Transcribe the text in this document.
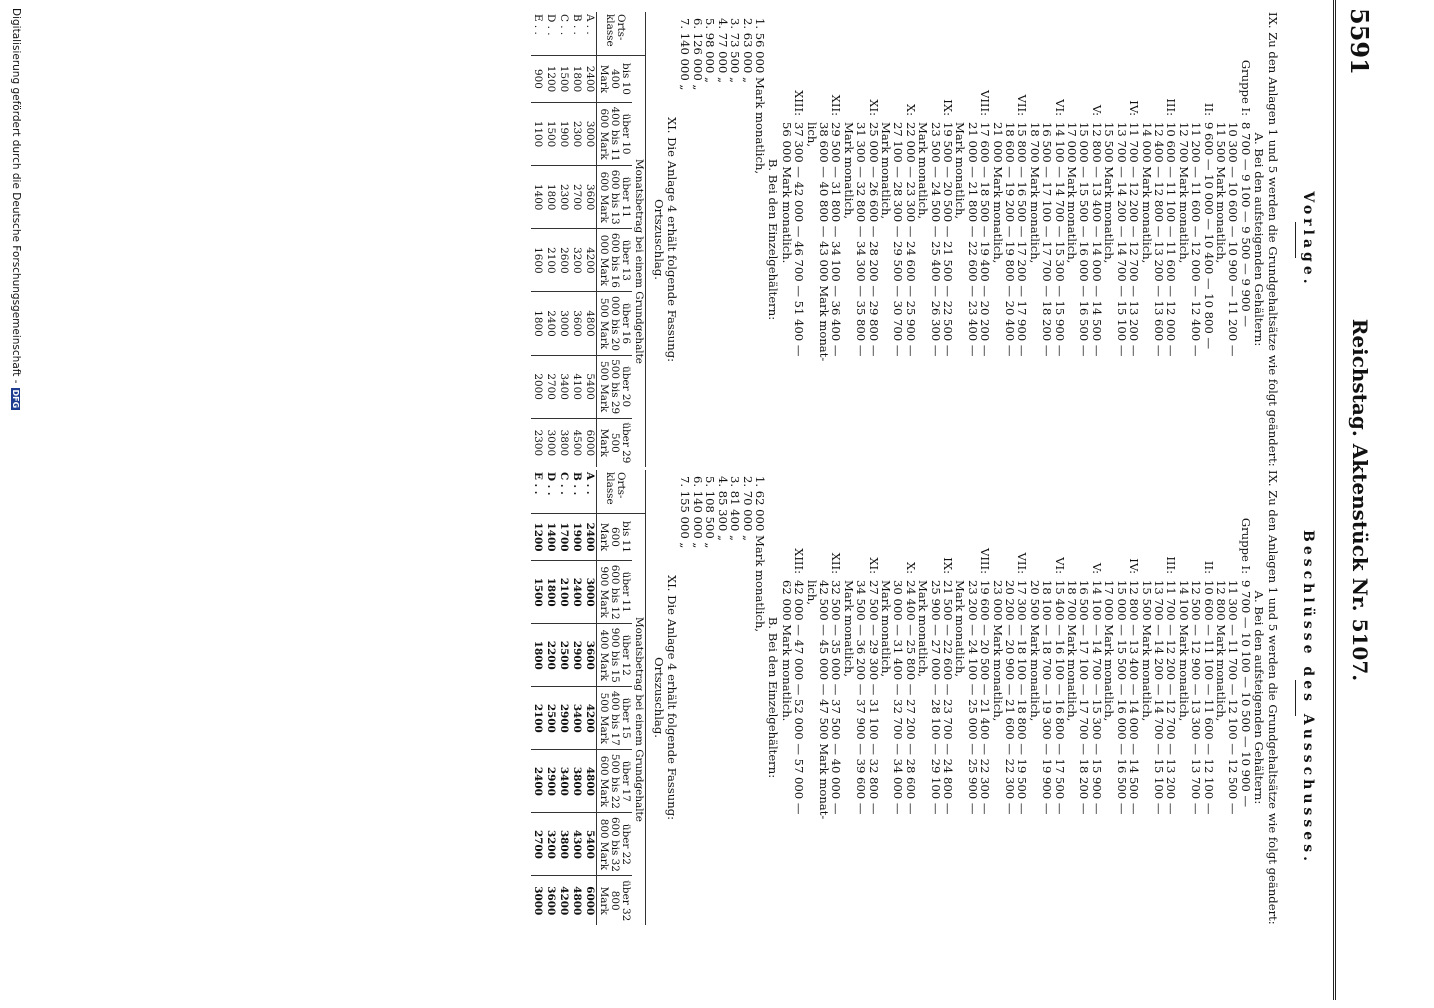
5591
Reichstag. Aktenstück Nr. 5107.
Beschlüsse des Ausschusses.
IX. Zu den Anlagen 1 und 5 werden die Grundgehaltsätze wie folgt geändert:
A. Bei den aufsteigenden Gehältern:
Gruppe I:
9 700 — 10 100 — 10 500 — 10 900 —
11 300 — 11 700 — 12 100 — 12 500 —
12 800 Mark monatlich,
II:
10 600 — 11 100 — 11 600 — 12 100 —
12 500 — 12 900 — 13 300 — 13 700 —
14 100 Mark monatlich,
III:
11 700 — 12 200 — 12 700 — 13 200 —
13 700 — 14 200 — 14 700 — 15 100 —
15 500 Mark monatlich,
IV:
12 800 — 13 400 — 14 000 — 14 500 —
15 000 — 15 500 — 16 000 — 16 500 —
17 000 Mark monatlich,
V:
14 100 — 14 700 — 15 300 — 15 900 —
16 500 — 17 100 — 17 700 — 18 200 —
18 700 Mark monatlich,
VI:
15 400 — 16 100 — 16 800 — 17 500 —
18 100 — 18 700 — 19 300 — 19 900 —
20 500 Mark monatlich,
VII:
17 300 — 18 100 — 18 800 — 19 500 —
20 200 — 20 900 — 21 600 — 22 300 —
23 000 Mark monatlich,
VIII:
19 600 — 20 500 — 21 400 — 22 300 —
23 200 — 24 100 — 25 000 — 25 900 —
Mark monatlich,
IX:
21 500 — 22 600 — 23 700 — 24 800 —
25 900 — 27 000 — 28 100 — 29 100 —
Mark monatlich,
X:
24 400 — 25 800 — 27 200 — 28 600 —
30 000 — 31 400 — 32 700 — 34 000 —
Mark monatlich,
XI:
27 500 — 29 300 — 31 100 — 32 800 —
34 500 — 36 200 — 37 900 — 39 600 —
Mark monatlich,
XII:
32 500 — 35 000 — 37 500 — 40 000 —
42 500 — 45 000 — 47 500 Mark monat-
lich,
XIII:
42 000 — 47 000 — 52 000 — 57 000 —
62 000 Mark monatlich.
B. Bei den Einzelgehältern:
1. 62 000 Mark monatlich,
2. 70 000 „
3. 81 400 „
4. 85 300 „
5. 108 500 „
6. 140 000 „
7. 155 000 „
XI. Die Anlage 4 erhält folgende Fassung:
Ortszuschlag.
	Monatsbetrag bei einem Grundgehalte						
Orts-klasse	bis 11 600 Mark	über 11 600 bis 12 900 Mark	über 12 900 bis 15 400 Mark	über 15 400 bis 17 500 Mark	über 17 500 bis 22 600 Mark	über 22 600 bis 32 800 Mark	über 32 800 Mark
A . .	2400	3000	3600	4200	4800	5400	6000
B . .	1900	2400	2900	3400	3800	4300	4800
C . .	1700	2100	2500	2900	3400	3800	4200
D . .	1400	1800	2200	2500	2900	3200	3600
E . .	1200	1500	1800	2100	2400	2700	3000
Vorlage.
IX. Zu den Anlagen 1 und 5 werden die Grundgehaltsätze wie folgt geändert:
A. Bei den aufsteigenden Gehältern:
Gruppe I:
8 700 — 9 100 — 9 500 — 9 900 —
10 300 — 10 600 — 10 900 — 11 200 —
11 500 Mark monatlich,
II:
9 600 — 10 000 — 10 400 — 10 800 —
11 200 — 11 600 — 12 000 — 12 400 —
12 700 Mark monatlich,
III:
10 600 — 11 100 — 11 600 — 12 000 —
12 400 — 12 800 — 13 200 — 13 600 —
14 000 Mark monatlich,
IV:
11 700 — 12 200 — 12 700 — 13 200 —
13 700 — 14 200 — 14 700 — 15 100 —
15 500 Mark monatlich,
V:
12 800 — 13 400 — 14 000 — 14 500 —
15 000 — 15 500 — 16 000 — 16 500 —
17 000 Mark monatlich,
VI:
14 100 — 14 700 — 15 300 — 15 900 —
16 500 — 17 100 — 17 700 — 18 200 —
18 700 Mark monatlich,
VII:
15 800 — 16 500 — 17 200 — 17 900 —
18 600 — 19 200 — 19 800 — 20 400 —
21 000 Mark monatlich,
VIII:
17 600 — 18 500 — 19 400 — 20 200 —
21 000 — 21 800 — 22 600 — 23 400 —
Mark monatlich,
IX:
19 500 — 20 500 — 21 500 — 22 500 —
23 500 — 24 500 — 25 400 — 26 300 —
Mark monatlich,
X:
22 000 — 23 300 — 24 600 — 25 900 —
27 100 — 28 300 — 29 500 — 30 700 —
Mark monatlich,
XI:
25 000 — 26 600 — 28 200 — 29 800 —
31 300 — 32 800 — 34 300 — 35 800 —
Mark monatlich,
XII:
29 500 — 31 800 — 34 100 — 36 400 —
38 600 — 40 800 — 43 000 Mark monat-
lich,
XIII:
37 300 — 42 000 — 46 700 — 51 400 —
56 000 Mark monatlich.
B. Bei den Einzelgehältern:
1. 56 000 Mark monatlich,
2. 63 000 „
3. 73 500 „
4. 77 000 „
5. 98 000 „
6. 126 000 „
7. 140 000 „
XI. Die Anlage 4 erhält folgende Fassung:
Ortszuschlag.
	Monatsbetrag bei einem Grundgehalte						
Orts-klasse	bis 10 400 Mark	über 10 400 bis 11 600 Mark	über 11 600 bis 13 600 Mark	über 13 600 bis 16 000 Mark	über 16 000 bis 20 500 Mark	über 20 500 bis 29 500 Mark	über 29 500 Mark
A . .	2400	3000	3600	4200	4800	5400	6000
B . .	1800	2300	2700	3200	3600	4100	4500
C . .	1500	1900	2300	2600	3000	3400	3800
D . .	1200	1500	1800	2100	2400	2700	3000
E . .	900	1100	1400	1600	1800	2000	2300
Digitalisierung gefördert durch die Deutsche Forschungsgemeinschaft -DFG
